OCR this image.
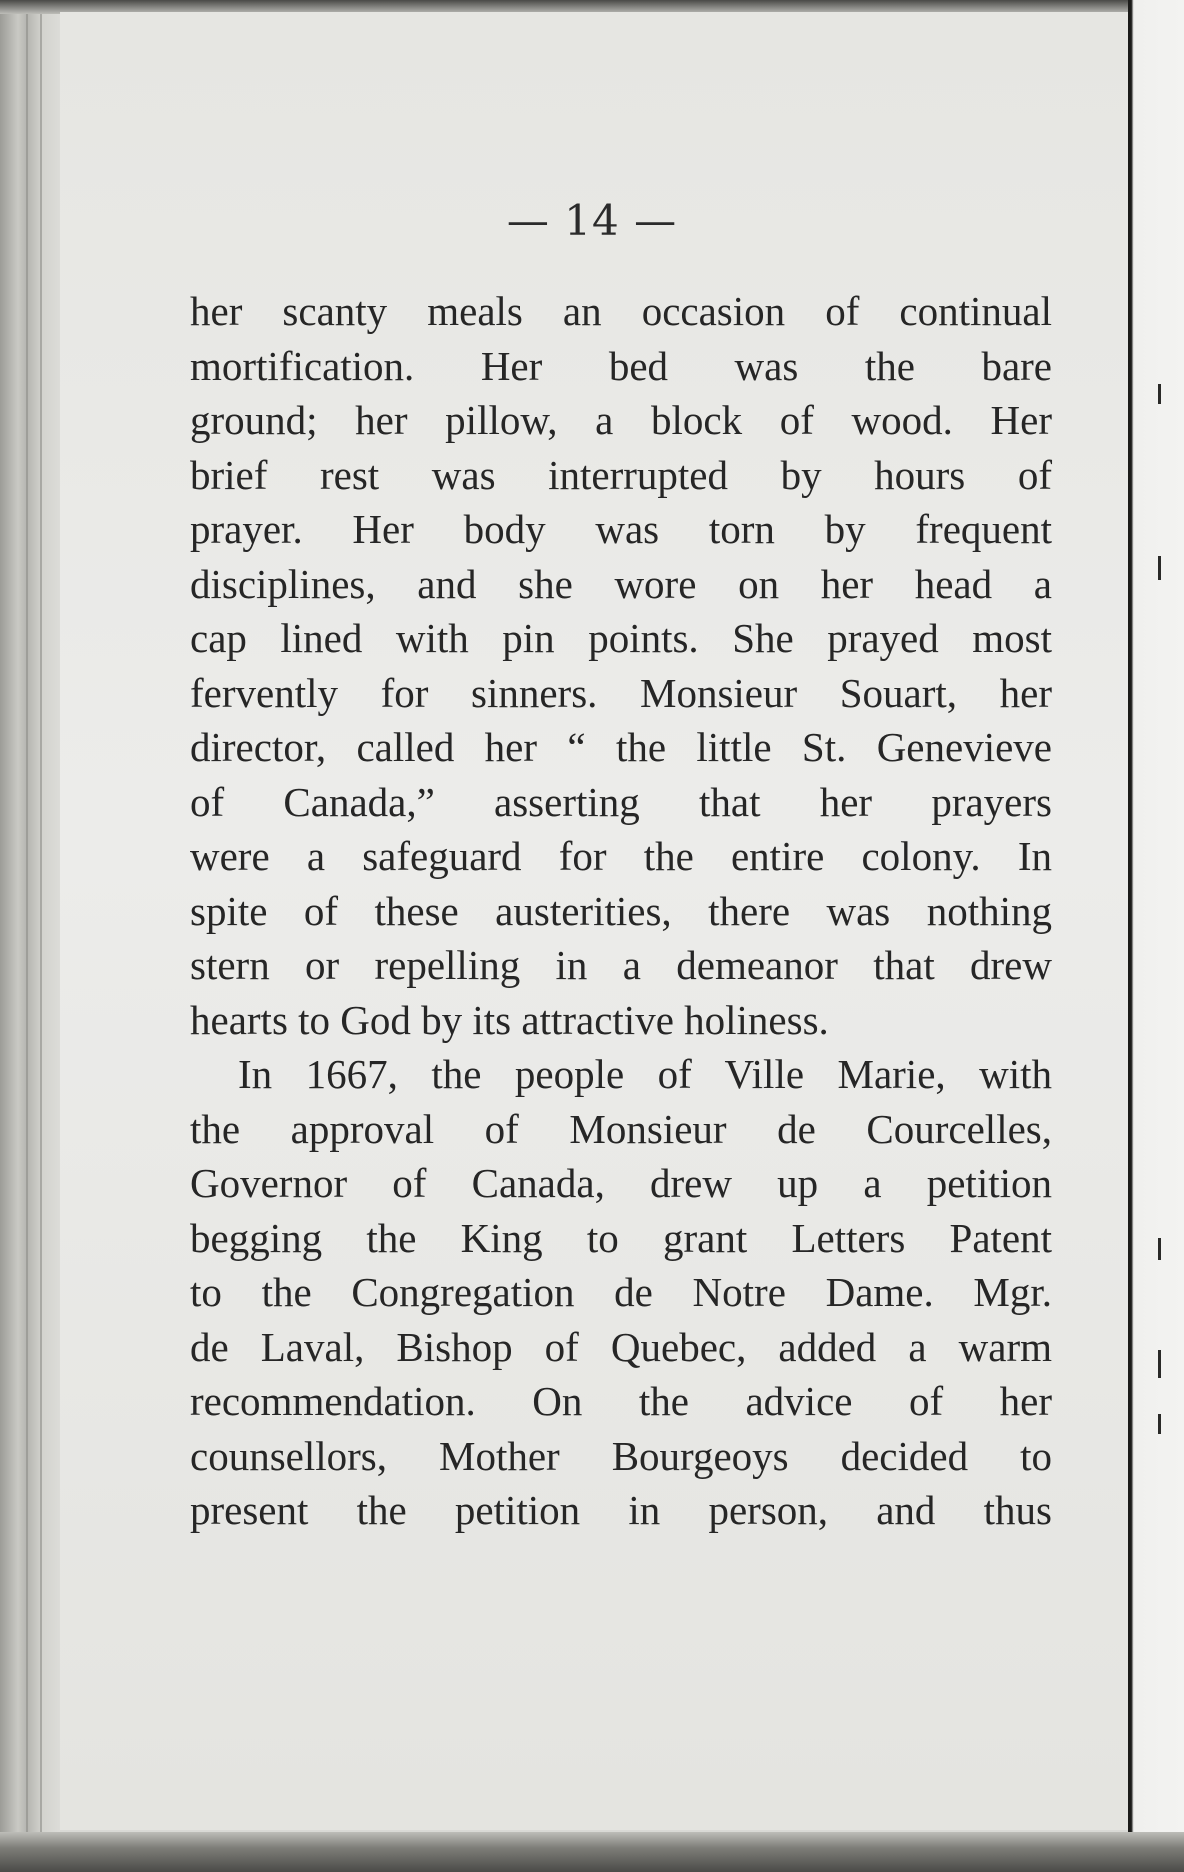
— 14 —
her scanty meals an occasion of continual
mortification. Her bed was the bare
ground; her pillow, a block of wood. Her
brief rest was interrupted by hours of
prayer. Her body was torn by frequent
disciplines, and she wore on her head a
cap lined with pin points. She prayed most
fervently for sinners. Monsieur Souart, her
director, called her “ the little St. Genevieve
of Canada,” asserting that her prayers
were a safeguard for the entire colony. In
spite of these austerities, there was nothing
stern or repelling in a demeanor that drew
hearts to God by its attractive holiness.
In 1667, the people of Ville Marie, with
the approval of Monsieur de Courcelles,
Governor of Canada, drew up a petition
begging the King to grant Letters Patent
to the Congregation de Notre Dame. Mgr.
de Laval, Bishop of Quebec, added a warm
recommendation. On the advice of her
counsellors, Mother Bourgeoys decided to
present the petition in person, and thus
